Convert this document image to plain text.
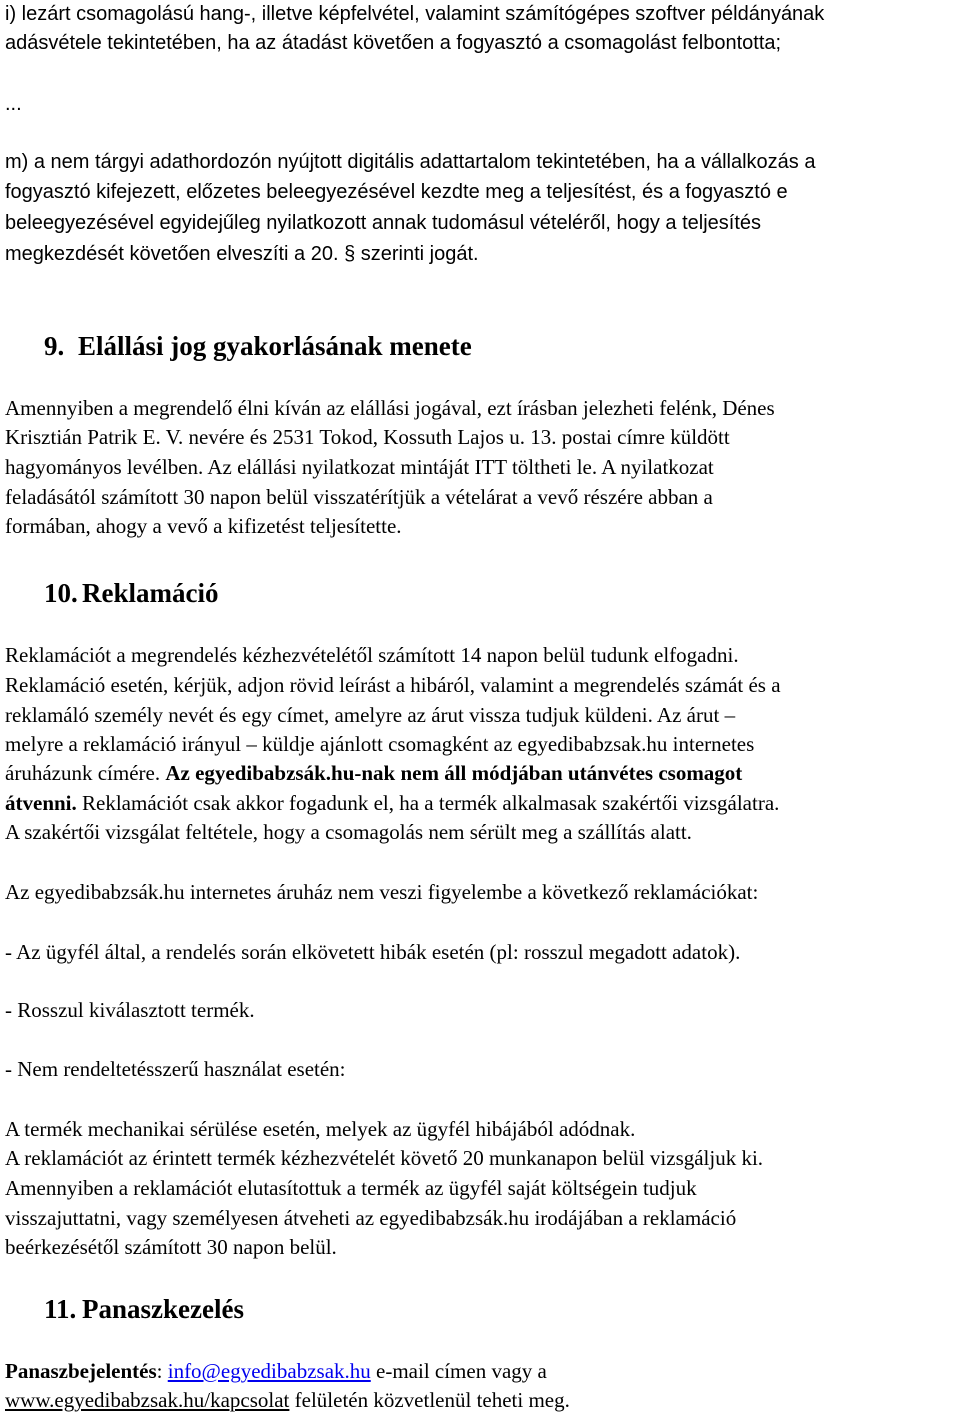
i) lezárt csomagolású hang-, illetve képfelvétel, valamint számítógépes szoftver példányának

adásvétele tekintetében, ha az átadást követően a fogyasztó a csomagolást felbontotta;

...

m) a nem tárgyi adathordozón nyújtott digitális adattartalom tekintetében, ha a vállalkozás a

fogyasztó kifejezett, előzetes beleegyezésével kezdte meg a teljesítést, és a fogyasztó e

beleegyezésével egyidejűleg nyilatkozott annak tudomásul vételéről, hogy a teljesítés

megkezdését követően elveszíti a 20. § szerinti jogát.

9. Elállási jog gyakorlásának menete

Amennyiben a megrendelő élni kíván az elállási jogával, ezt írásban jelezheti felénk, Dénes

Krisztián Patrik E. V. nevére és 2531 Tokod, Kossuth Lajos u. 13. postai címre küldött

hagyományos levélben. Az elállási nyilatkozat mintáját ITT töltheti le. A nyilatkozat

feladásától számított 30 napon belül visszatérítjük a vételárat a vevő részére abban a

formában, ahogy a vevő a kifizetést teljesítette.

10. Reklamáció

Reklamációt a megrendelés kézhezvételétől számított 14 napon belül tudunk elfogadni.

Reklamáció esetén, kérjük, adjon rövid leírást a hibáról, valamint a megrendelés számát és a

reklamáló személy nevét és egy címet, amelyre az árut vissza tudjuk küldeni. Az árut –

melyre a reklamáció irányul – küldje ajánlott csomagként az egyedibabzsak.hu internetes

áruházunk címére. Az egyedibabzsák.hu-nak nem áll módjában utánvétes csomagot

átvenni. Reklamációt csak akkor fogadunk el, ha a termék alkalmasak szakértői vizsgálatra.

A szakértői vizsgálat feltétele, hogy a csomagolás nem sérült meg a szállítás alatt.

Az egyedibabzsák.hu internetes áruház nem veszi figyelembe a következő reklamációkat:

- Az ügyfél által, a rendelés során elkövetett hibák esetén (pl: rosszul megadott adatok).

- Rosszul kiválasztott termék.

- Nem rendeltetésszerű használat esetén:

A termék mechanikai sérülése esetén, melyek az ügyfél hibájából adódnak.

A reklamációt az érintett termék kézhezvételét követő 20 munkanapon belül vizsgáljuk ki.

Amennyiben a reklamációt elutasítottuk a termék az ügyfél saját költségein tudjuk

visszajuttatni, vagy személyesen átveheti az egyedibabzsák.hu irodájában a reklamáció

beérkezésétől számított 30 napon belül.

11. Panaszkezelés

Panaszbejelentés: info@egyedibabzsak.hu e-mail címen vagy a

www.egyedibabzsak.hu/kapcsolat felületén közvetlenül teheti meg.
